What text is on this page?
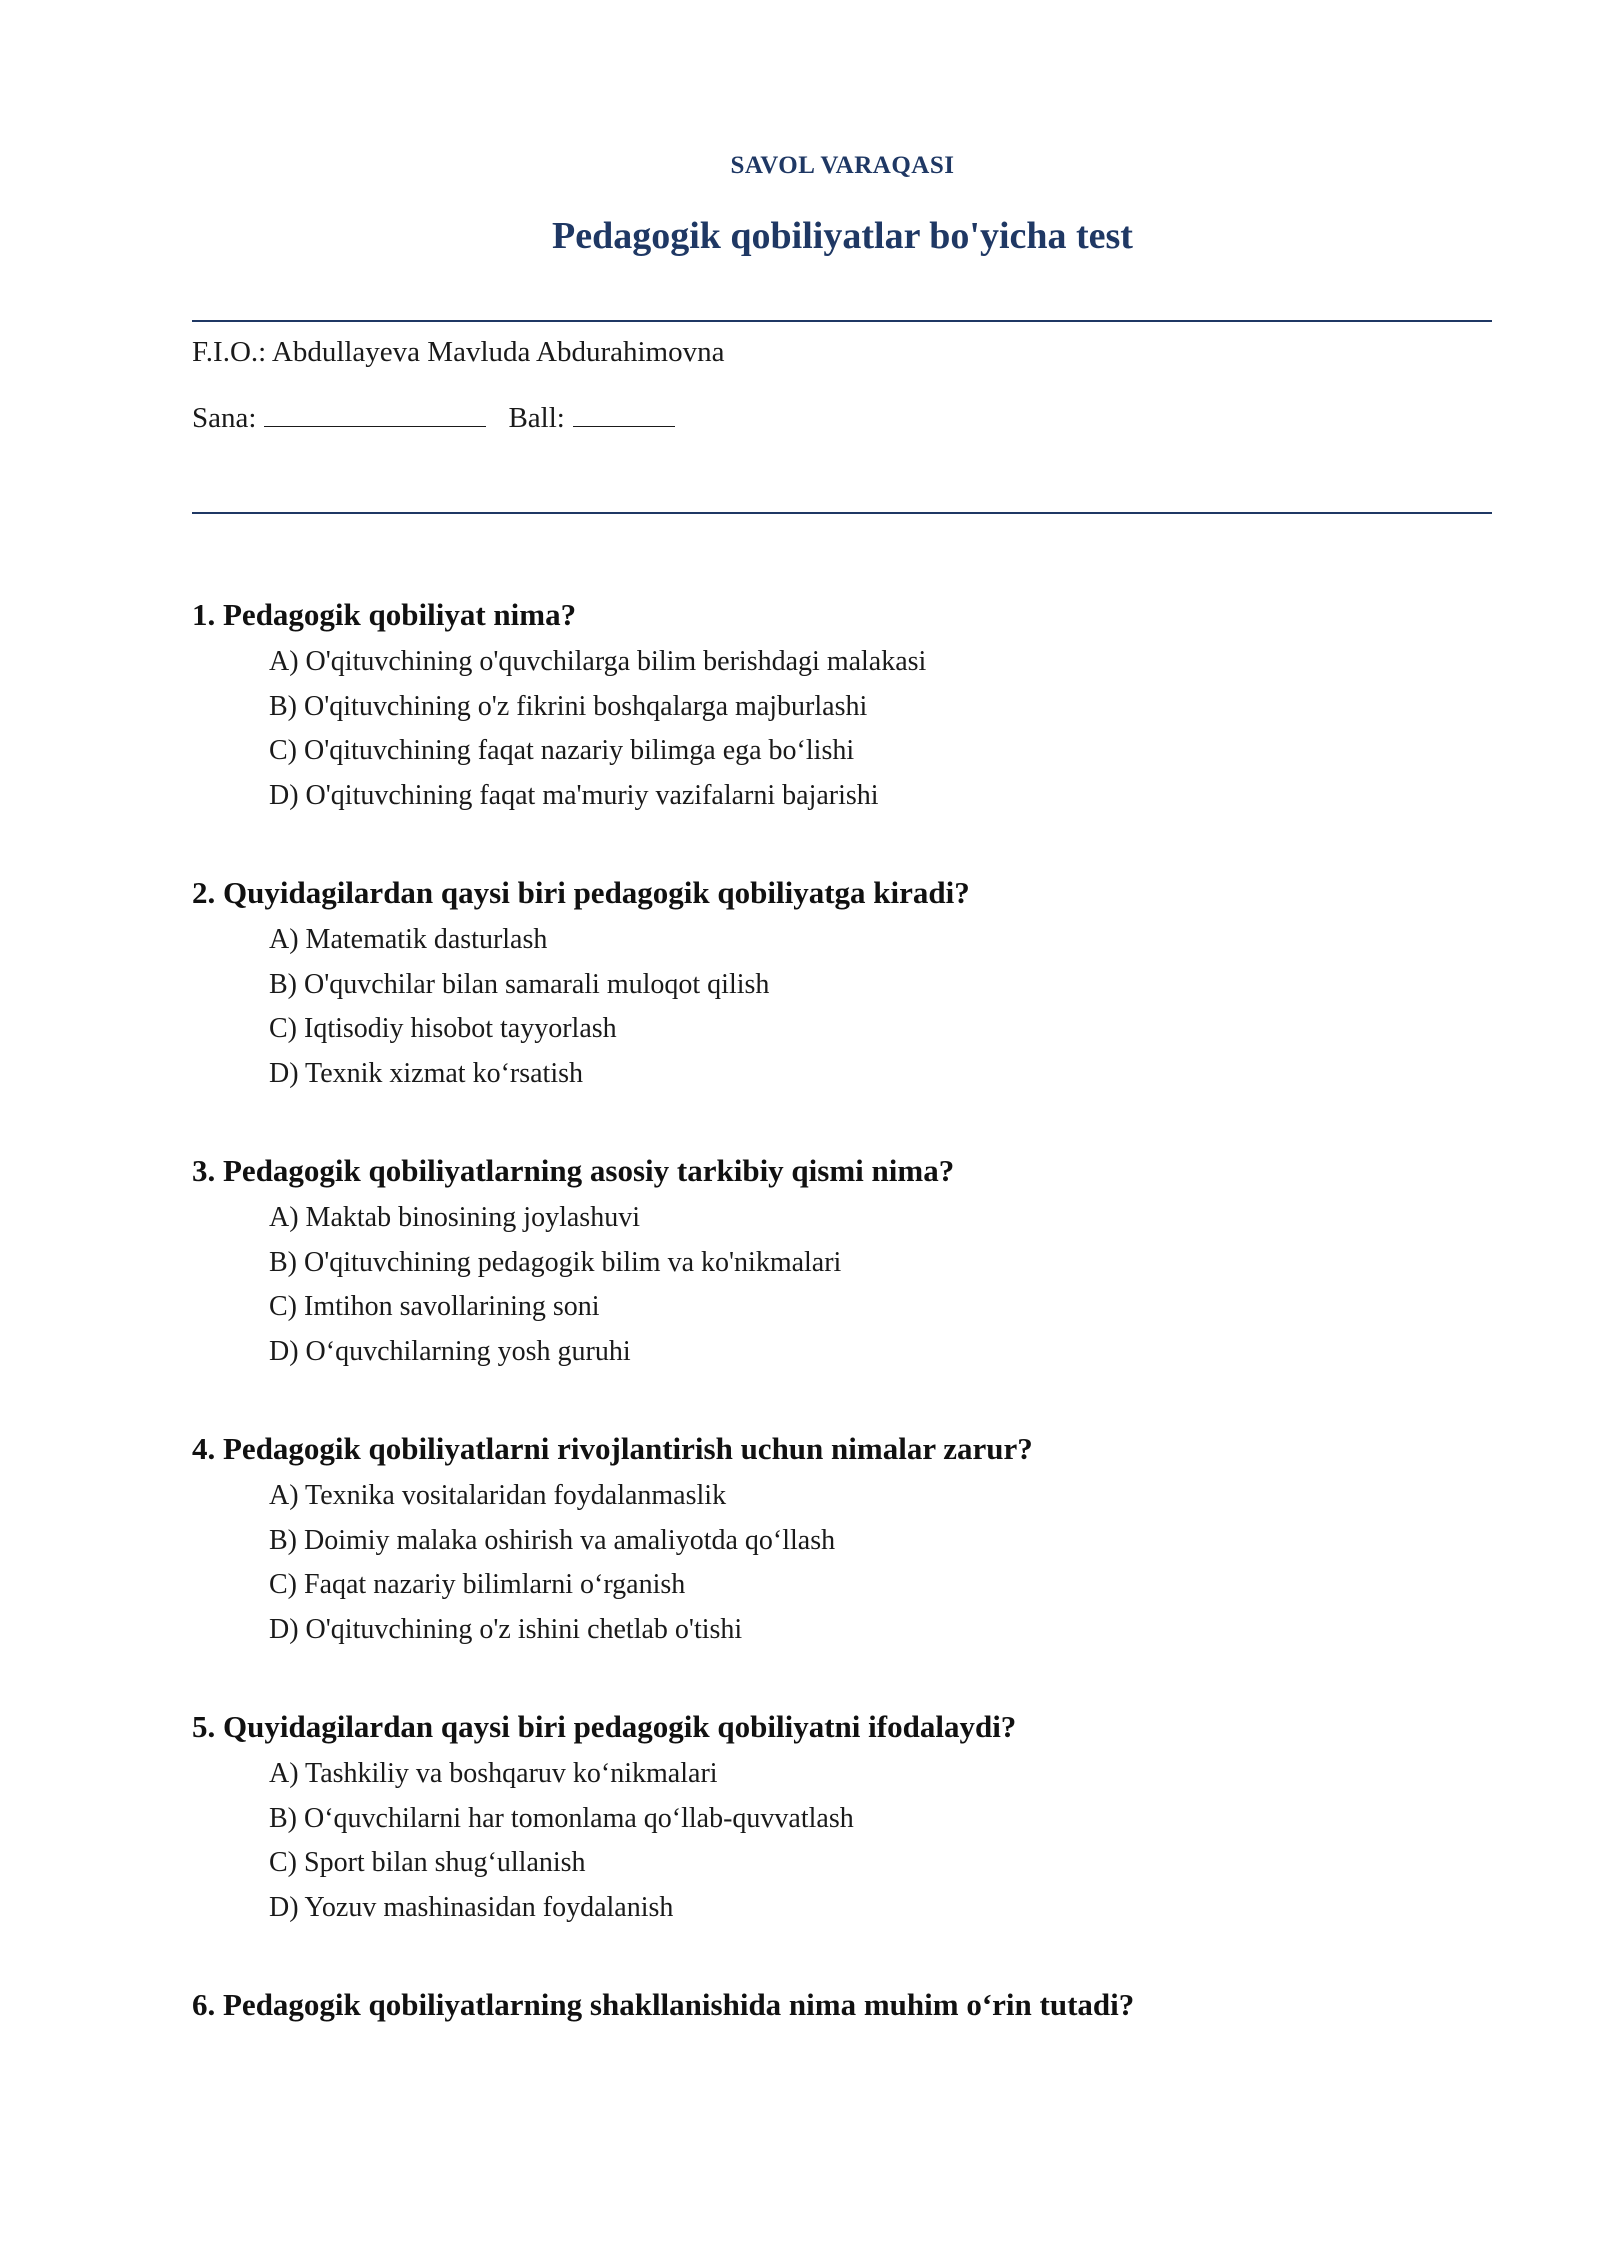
SAVOL VARAQASI
Pedagogik qobiliyatlar bo'yicha test
F.I.O.: Abdullayeva Mavluda Abdurahimovna
Sana:	Ball:
1. Pedagogik qobiliyat nima?
A) O'qituvchining o'quvchilarga bilim berishdagi malakasi
B) O'qituvchining o'z fikrini boshqalarga majburlashi
C) O'qituvchining faqat nazariy bilimga ega bo‘lishi
D) O'qituvchining faqat ma'muriy vazifalarni bajarishi
2. Quyidagilardan qaysi biri pedagogik qobiliyatga kiradi?
A) Matematik dasturlash
B) O'quvchilar bilan samarali muloqot qilish
C) Iqtisodiy hisobot tayyorlash
D) Texnik xizmat ko‘rsatish
3. Pedagogik qobiliyatlarning asosiy tarkibiy qismi nima?
A) Maktab binosining joylashuvi
B) O'qituvchining pedagogik bilim va ko'nikmalari
C) Imtihon savollarining soni
D) O‘quvchilarning yosh guruhi
4. Pedagogik qobiliyatlarni rivojlantirish uchun nimalar zarur?
A) Texnika vositalaridan foydalanmaslik
B) Doimiy malaka oshirish va amaliyotda qo‘llash
C) Faqat nazariy bilimlarni o‘rganish
D) O'qituvchining o'z ishini chetlab o'tishi
5. Quyidagilardan qaysi biri pedagogik qobiliyatni ifodalaydi?
A) Tashkiliy va boshqaruv ko‘nikmalari
B) O‘quvchilarni har tomonlama qo‘llab-quvvatlash
C) Sport bilan shug‘ullanish
D) Yozuv mashinasidan foydalanish
6. Pedagogik qobiliyatlarning shakllanishida nima muhim o‘rin tutadi?
